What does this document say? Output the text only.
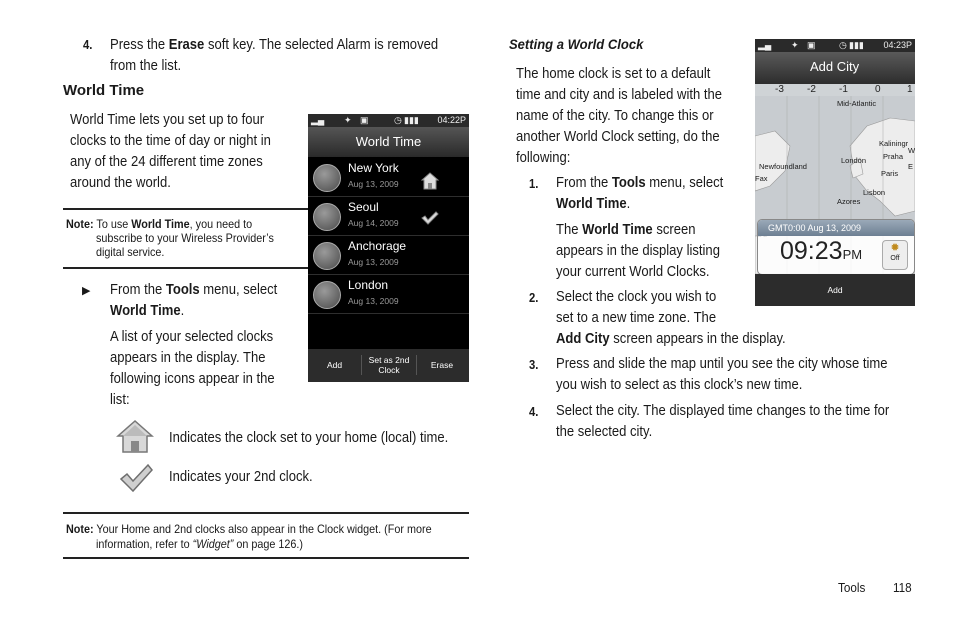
4. Press the Erase soft key. The selected Alarm is removed
from the list.
World Time
World Time lets you set up to four
clocks to the time of day or night in
any of the 24 different time zones
around the world.
Note: To use World Time, you need to
subscribe to your Wireless Provider’s
digital service.
▶ From the Tools menu, select
World Time.
A list of your selected clocks
appears in the display. The
following icons appear in the
list:
Indicates the clock set to your home (local) time.
Indicates your 2nd clock.
Note: Your Home and 2nd clocks also appear in the Clock widget. (For more
information, refer to “Widget” on page 126.)
▂▄ ✦ ▣	◷ ▮▮▮ 04:22P
World Time
New York
Aug 13, 2009
Seoul
Aug 14, 2009
Anchorage
Aug 13, 2009
London
Aug 13, 2009
Add	Set as 2nd
Clock	Erase
Setting a World Clock
The home clock is set to a default
time and city and is labeled with the
name of the city. To change this or
another World Clock setting, do the
following:
1. From the Tools menu, select
World Time.
The World Time screen
appears in the display listing
your current World Clocks.
2. Select the clock you wish to
set to a new time zone. The
Add City screen appears in the display.
3. Press and slide the map until you see the city whose time
you wish to select as this clock’s new time.
4. Select the city. The displayed time changes to the time for
the selected city.
▂▄ ✦ ▣	◷ ▮▮▮ 04:23P
Add City
-3 -2 -1	0	1
Mid-Atlantic
Newfoundland
Kaliningr
Praha
Paris
London
Lisbon
Azores
Fax
W
E
GMT0:00 Aug 13, 2009
09:23PM	✹
Off
Add
Tools 118
